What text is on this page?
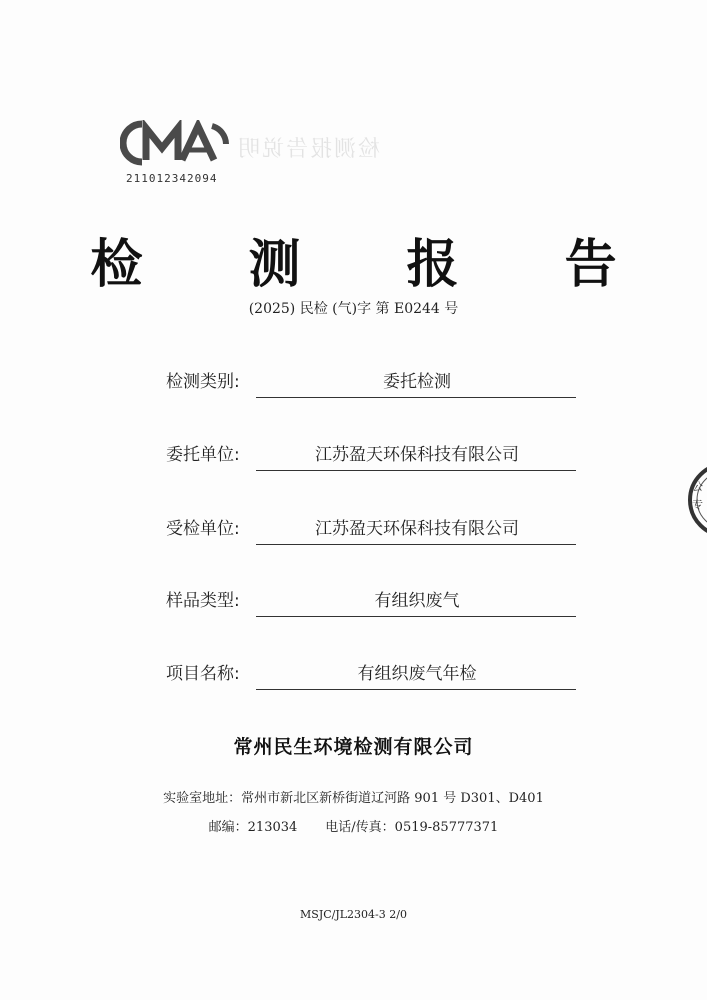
检测报告说明
211012342094
检 测 报 告
(2025) 民检 (气)字 第 E0244 号
检测类别:	委托检测
委托单位:	江苏盈天环保科技有限公司
受检单位:	江苏盈天环保科技有限公司
样品类型:	有组织废气
项目名称:	有组织废气年检
常州民生环境检测有限公司
实验室地址：常州市新北区新桥街道辽河路 901 号 D301、D401
邮编：213034 电话/传真：0519-85777371
MSJC/JL2304-3 2/0
公
专
